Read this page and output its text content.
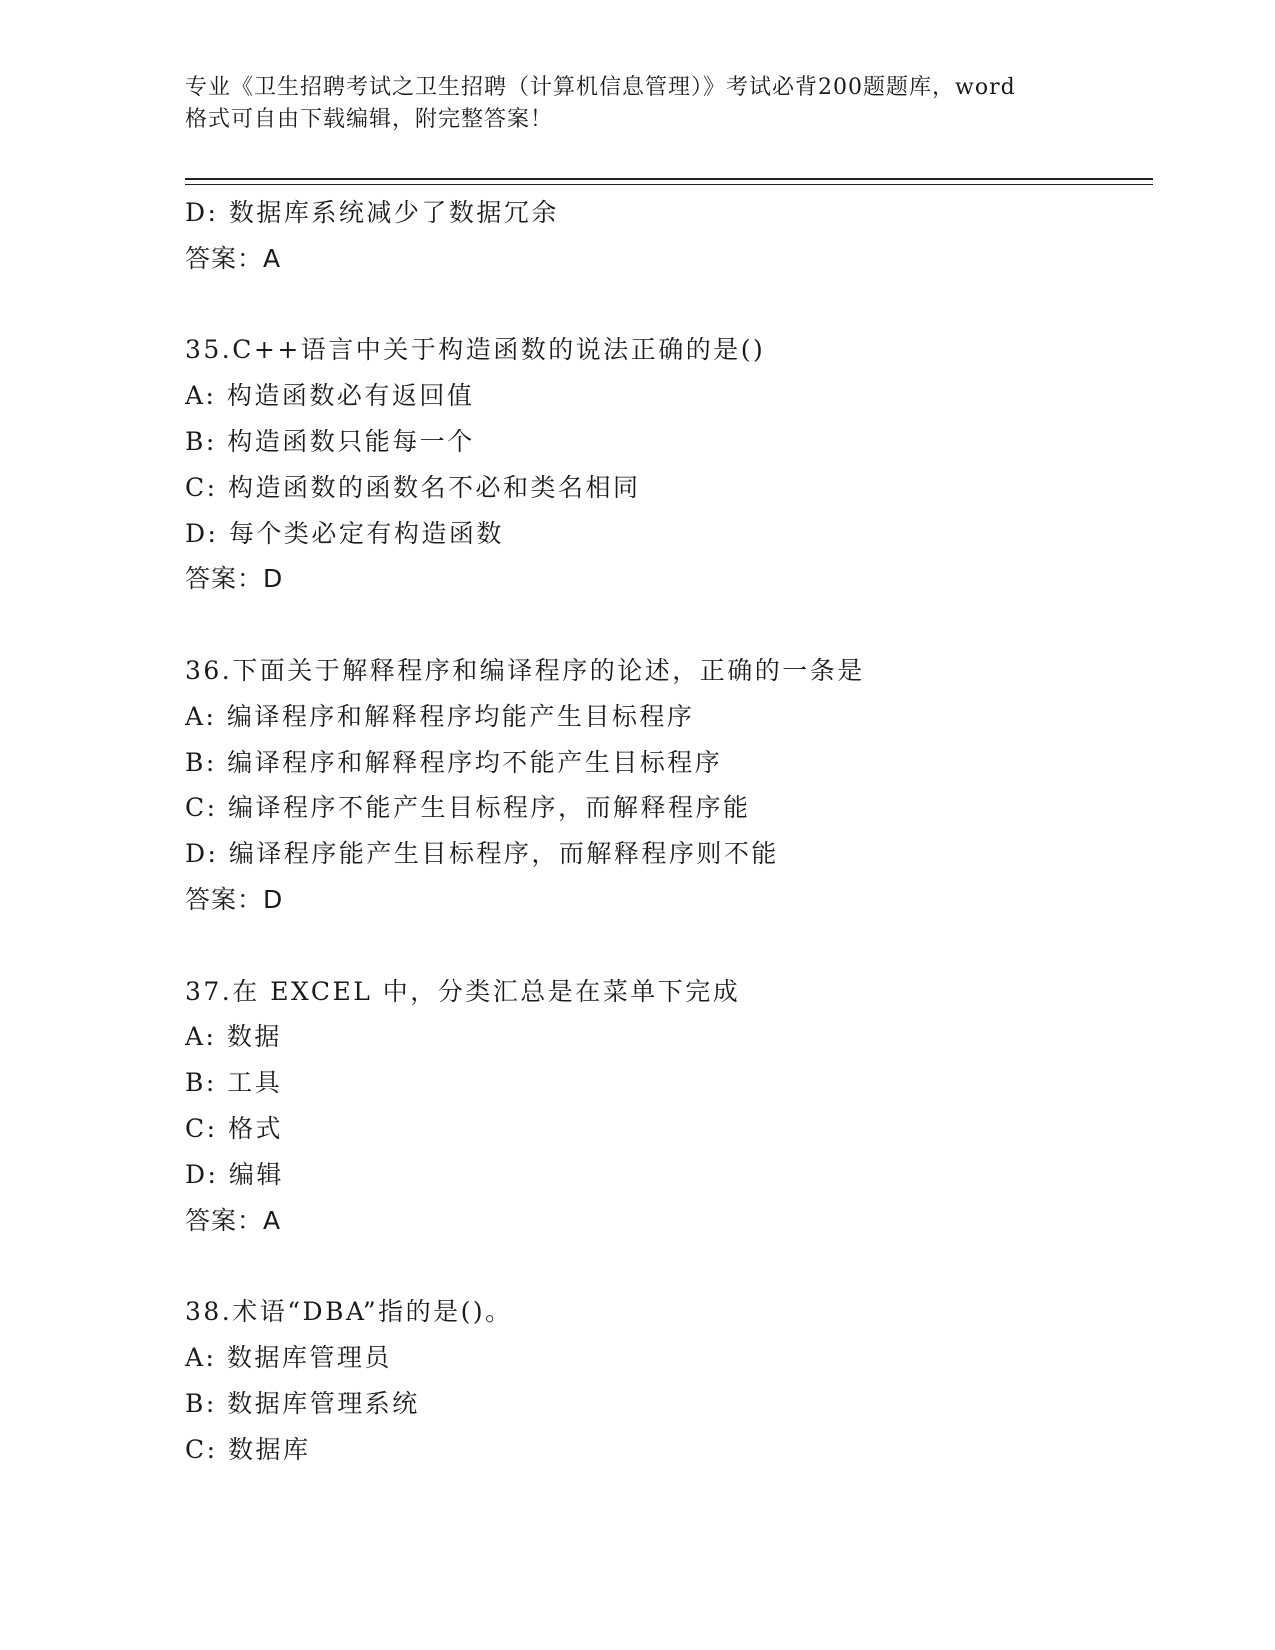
专业《卫生招聘考试之卫生招聘（计算机信息管理）》考试必背200题题库，word
格式可自由下载编辑，附完整答案！
D: 数据库系统减少了数据冗余
答案：A
35.C++语言中关于构造函数的说法正确的是()
A: 构造函数必有返回值
B: 构造函数只能每一个
C: 构造函数的函数名不必和类名相同
D: 每个类必定有构造函数
答案：D
36.下面关于解释程序和编译程序的论述，正确的一条是
A: 编译程序和解释程序均能产生目标程序
B: 编译程序和解释程序均不能产生目标程序
C: 编译程序不能产生目标程序，而解释程序能
D: 编译程序能产生目标程序，而解释程序则不能
答案：D
37.在 EXCEL 中，分类汇总是在菜单下完成
A: 数据
B: 工具
C: 格式
D: 编辑
答案：A
38.术语“DBA”指的是()。
A: 数据库管理员
B: 数据库管理系统
C: 数据库
